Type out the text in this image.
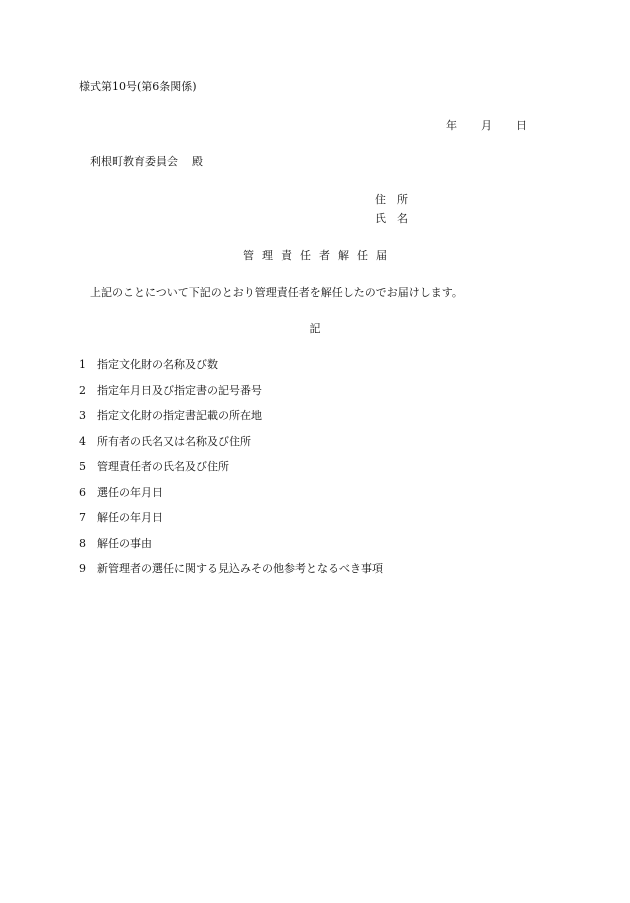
様式第10号(第6条関係)
年 月 日
利根町教育委員会 殿
住　所
氏　名
管理責任者解任届
上記のことについて下記のとおり管理責任者を解任したのでお届けします。
記
1 指定文化財の名称及び数
2 指定年月日及び指定書の記号番号
3 指定文化財の指定書記載の所在地
4 所有者の氏名又は名称及び住所
5 管理責任者の氏名及び住所
6 選任の年月日
7 解任の年月日
8 解任の事由
9 新管理者の選任に関する見込みその他参考となるべき事項
